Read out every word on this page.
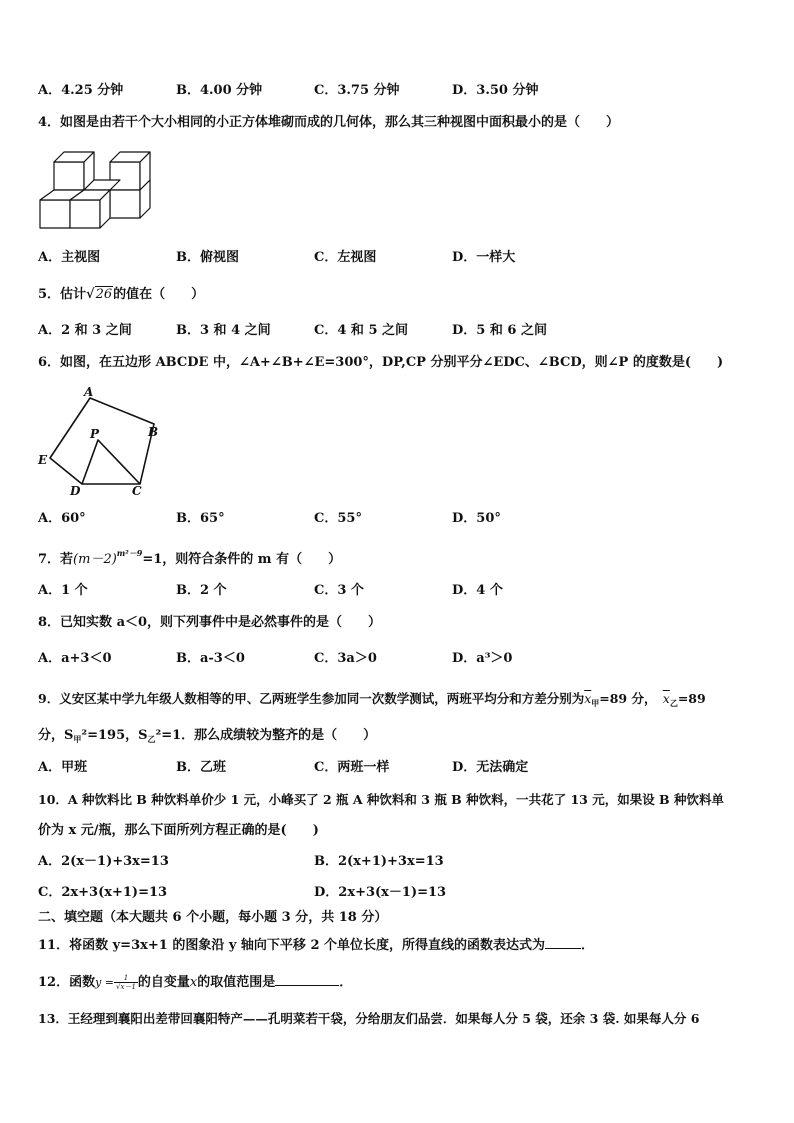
A．4.25 分钟	B．4.00 分钟	C．3.75 分钟	D．3.50 分钟
4．如图是由若干个大小相同的小正方体堆砌而成的几何体，那么其三种视图中面积最小的是（　　）
A．主视图	B．俯视图	C．左视图	D．一样大
5．估计√26的值在（　　）
A．2 和 3 之间	B．3 和 4 之间	C．4 和 5 之间	D．5 和 6 之间
6．如图，在五边形 ABCDE 中，∠A+∠B+∠E=300°，DP,CP 分别平分∠EDC、∠BCD，则∠P 的度数是(　　)
A
B
C
D
E
P
A．60°	B．65°	C．55°	D．50°
7．若$(m-2)^{m^2-9}=1$，则符合条件的 m 有（　　）
A．1 个	B．2 个	C．3 个	D．4 个
8．已知实数 a＜0，则下列事件中是必然事件的是（　　）
A．a+3＜0	B．a-3＜0	C．3a＞0	D．a³＞0
9．义安区某中学九年级人数相等的甲、乙两班学生参加同一次数学测试，两班平均分和方差分别为$\overline{x}_甲=89$ 分，　 $\overline{x}_乙=89$
分，$S_甲^2=195$，$S_乙^2=1$．那么成绩较为整齐的是（　　）
A．甲班	B．乙班	C．两班一样	D．无法确定
10．A 种饮料比 B 种饮料单价少 1 元，小峰买了 2 瓶 A 种饮料和 3 瓶 B 种饮料，一共花了 13 元，如果设 B 种饮料单
价为 x 元/瓶，那么下面所列方程正确的是(　　)
A．2(x－1)+3x=13	B．2(x+1)+3x=13
C．2x+3(x+1)=13	D．2x+3(x－1)=13
二、填空题（本大题共 6 个小题，每小题 3 分，共 18 分）
11．将函数 y=3x+1 的图象沿 y 轴向下平移 2 个单位长度，所得直线的函数表达式为	．
12．函数$y = \frac{1}{√x-1}$ 的自变量x的取值范围是	．
13．王经理到襄阳出差带回襄阳特产——孔明菜若干袋，分给朋友们品尝．如果每人分 5 袋，还余 3 袋. 如果每人分 6
